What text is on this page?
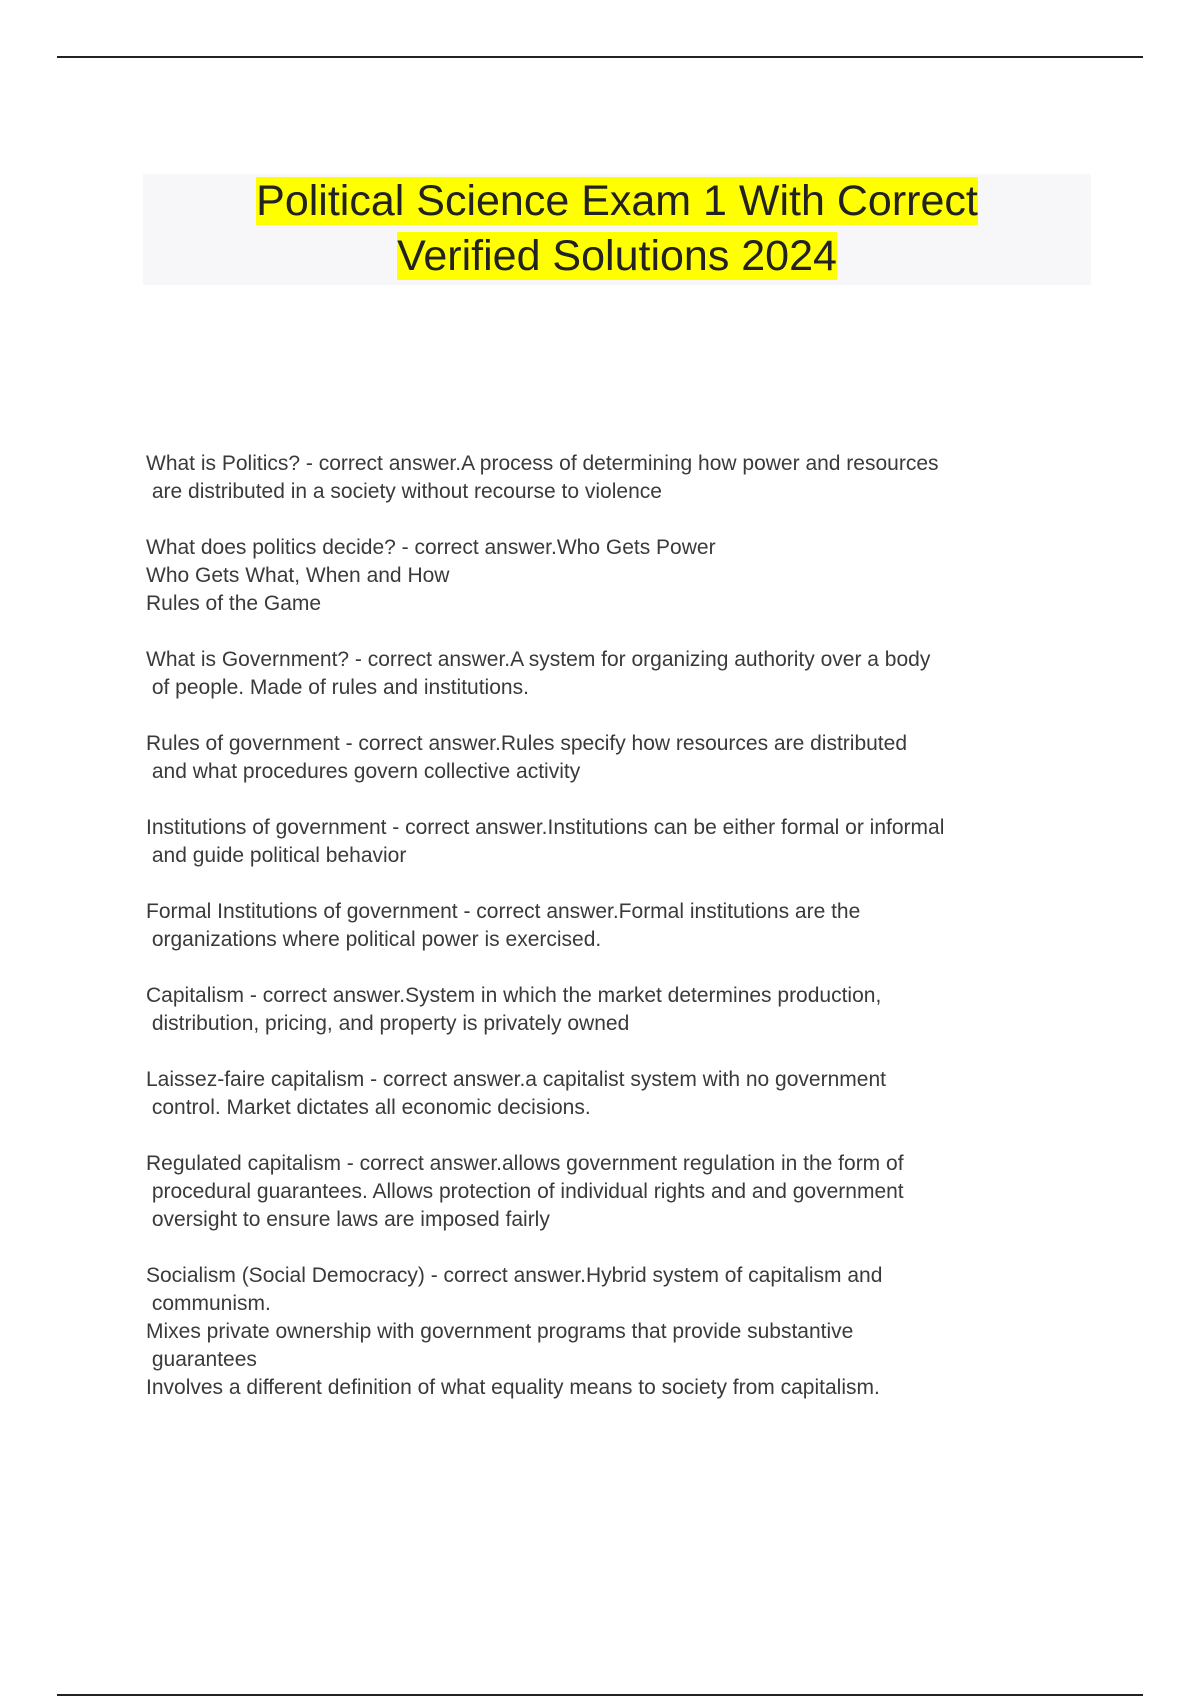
Political Science Exam 1 With Correct
Verified Solutions 2024
What is Politics? - correct answer.A process of determining how power and resources
are distributed in a society without recourse to violence
What does politics decide? - correct answer.Who Gets Power
Who Gets What, When and How
Rules of the Game
What is Government? - correct answer.A system for organizing authority over a body
of people. Made of rules and institutions.
Rules of government - correct answer.Rules specify how resources are distributed
and what procedures govern collective activity
Institutions of government - correct answer.Institutions can be either formal or informal
and guide political behavior
Formal Institutions of government - correct answer.Formal institutions are the
organizations where political power is exercised.
Capitalism - correct answer.System in which the market determines production,
distribution, pricing, and property is privately owned
Laissez-faire capitalism - correct answer.a capitalist system with no government
control. Market dictates all economic decisions.
Regulated capitalism - correct answer.allows government regulation in the form of
procedural guarantees. Allows protection of individual rights and and government
oversight to ensure laws are imposed fairly
Socialism (Social Democracy) - correct answer.Hybrid system of capitalism and
communism.
Mixes private ownership with government programs that provide substantive
guarantees
Involves a different definition of what equality means to society from capitalism.
